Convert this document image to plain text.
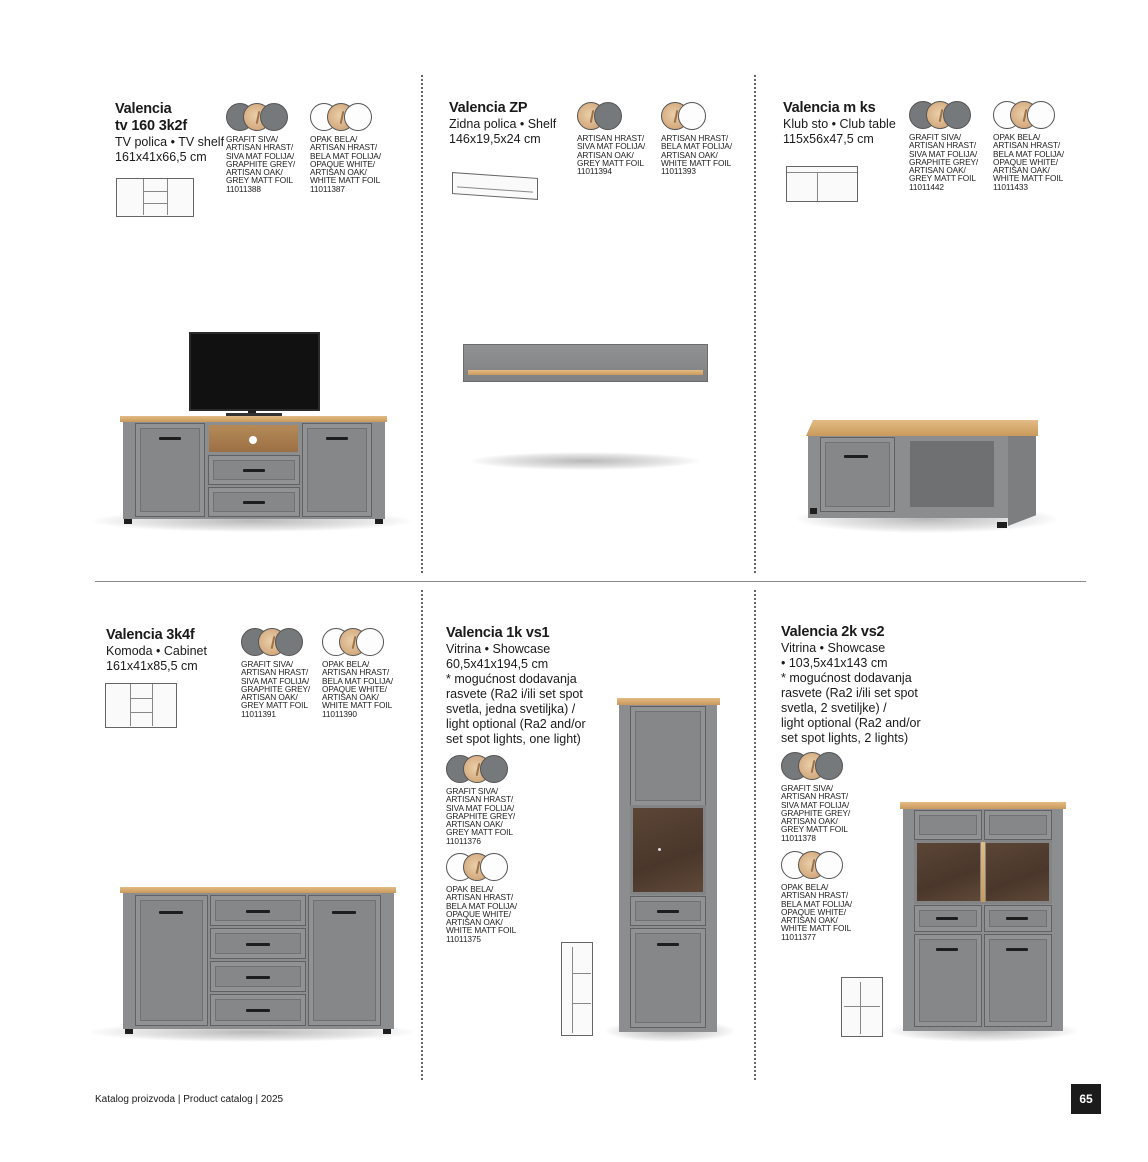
Valencia
tv 160 3k2f
TV polica • TV shelf
161x41x66,5 cm
GRAFIT SIVA/
ARTISAN HRAST/
SIVA MAT FOLIJA/
GRAPHITE GREY/
ARTISAN OAK/
GREY MATT FOIL
11011388
OPAK BELA/
ARTISAN HRAST/
BELA MAT FOLIJA/
OPAQUE WHITE/
ARTISAN OAK/
WHITE MATT FOIL
11011387
Valencia ZP
Zidna polica • Shelf
146x19,5x24 cm	ARTISAN HRAST/
SIVA MAT FOLIJA/
ARTISAN OAK/
GREY MATT FOIL
11011394
ARTISAN HRAST/
BELA MAT FOLIJA/
ARTISAN OAK/
WHITE MATT FOIL
11011393
Valencia m ks
Klub sto • Club table
115x56x47,5 cm	GRAFIT SIVA/
ARTISAN HRAST/
SIVA MAT FOLIJA/
GRAPHITE GREY/
ARTISAN OAK/
GREY MATT FOIL
11011442
OPAK BELA/
ARTISAN HRAST/
BELA MAT FOLIJA/
OPAQUE WHITE/
ARTISAN OAK/
WHITE MATT FOIL
11011433
Valencia 3k4f
Komoda • Cabinet
161x41x85,5 cm	GRAFIT SIVA/
ARTISAN HRAST/
SIVA MAT FOLIJA/
GRAPHITE GREY/
ARTISAN OAK/
GREY MATT FOIL
11011391
OPAK BELA/
ARTISAN HRAST/
BELA MAT FOLIJA/
OPAQUE WHITE/
ARTISAN OAK/
WHITE MATT FOIL
11011390
Valencia 1k vs1
Vitrina • Showcase
60,5x41x194,5 cm
* mogućnost dodavanja
rasvete (Ra2 i/ili set spot
svetla, jedna svetiljka) /
light optional (Ra2 and/or
set spot lights, one light)
GRAFIT SIVA/
ARTISAN HRAST/
SIVA MAT FOLIJA/
GRAPHITE GREY/
ARTISAN OAK/
GREY MATT FOIL
11011376
OPAK BELA/
ARTISAN HRAST/
BELA MAT FOLIJA/
OPAQUE WHITE/
ARTISAN OAK/
WHITE MATT FOIL
11011375
Valencia 2k vs2
Vitrina • Showcase
• 103,5x41x143 cm
* mogućnost dodavanja
rasvete (Ra2 i/ili set spot
svetla, 2 svetiljke) /
light optional (Ra2 and/or
set spot lights, 2 lights)
GRAFIT SIVA/
ARTISAN HRAST/
SIVA MAT FOLIJA/
GRAPHITE GREY/
ARTISAN OAK/
GREY MATT FOIL
11011378
OPAK BELA/
ARTISAN HRAST/
BELA MAT FOLIJA/
OPAQUE WHITE/
ARTISAN OAK/
WHITE MATT FOIL
11011377
Katalog proizvoda | Product catalog | 2025	65
